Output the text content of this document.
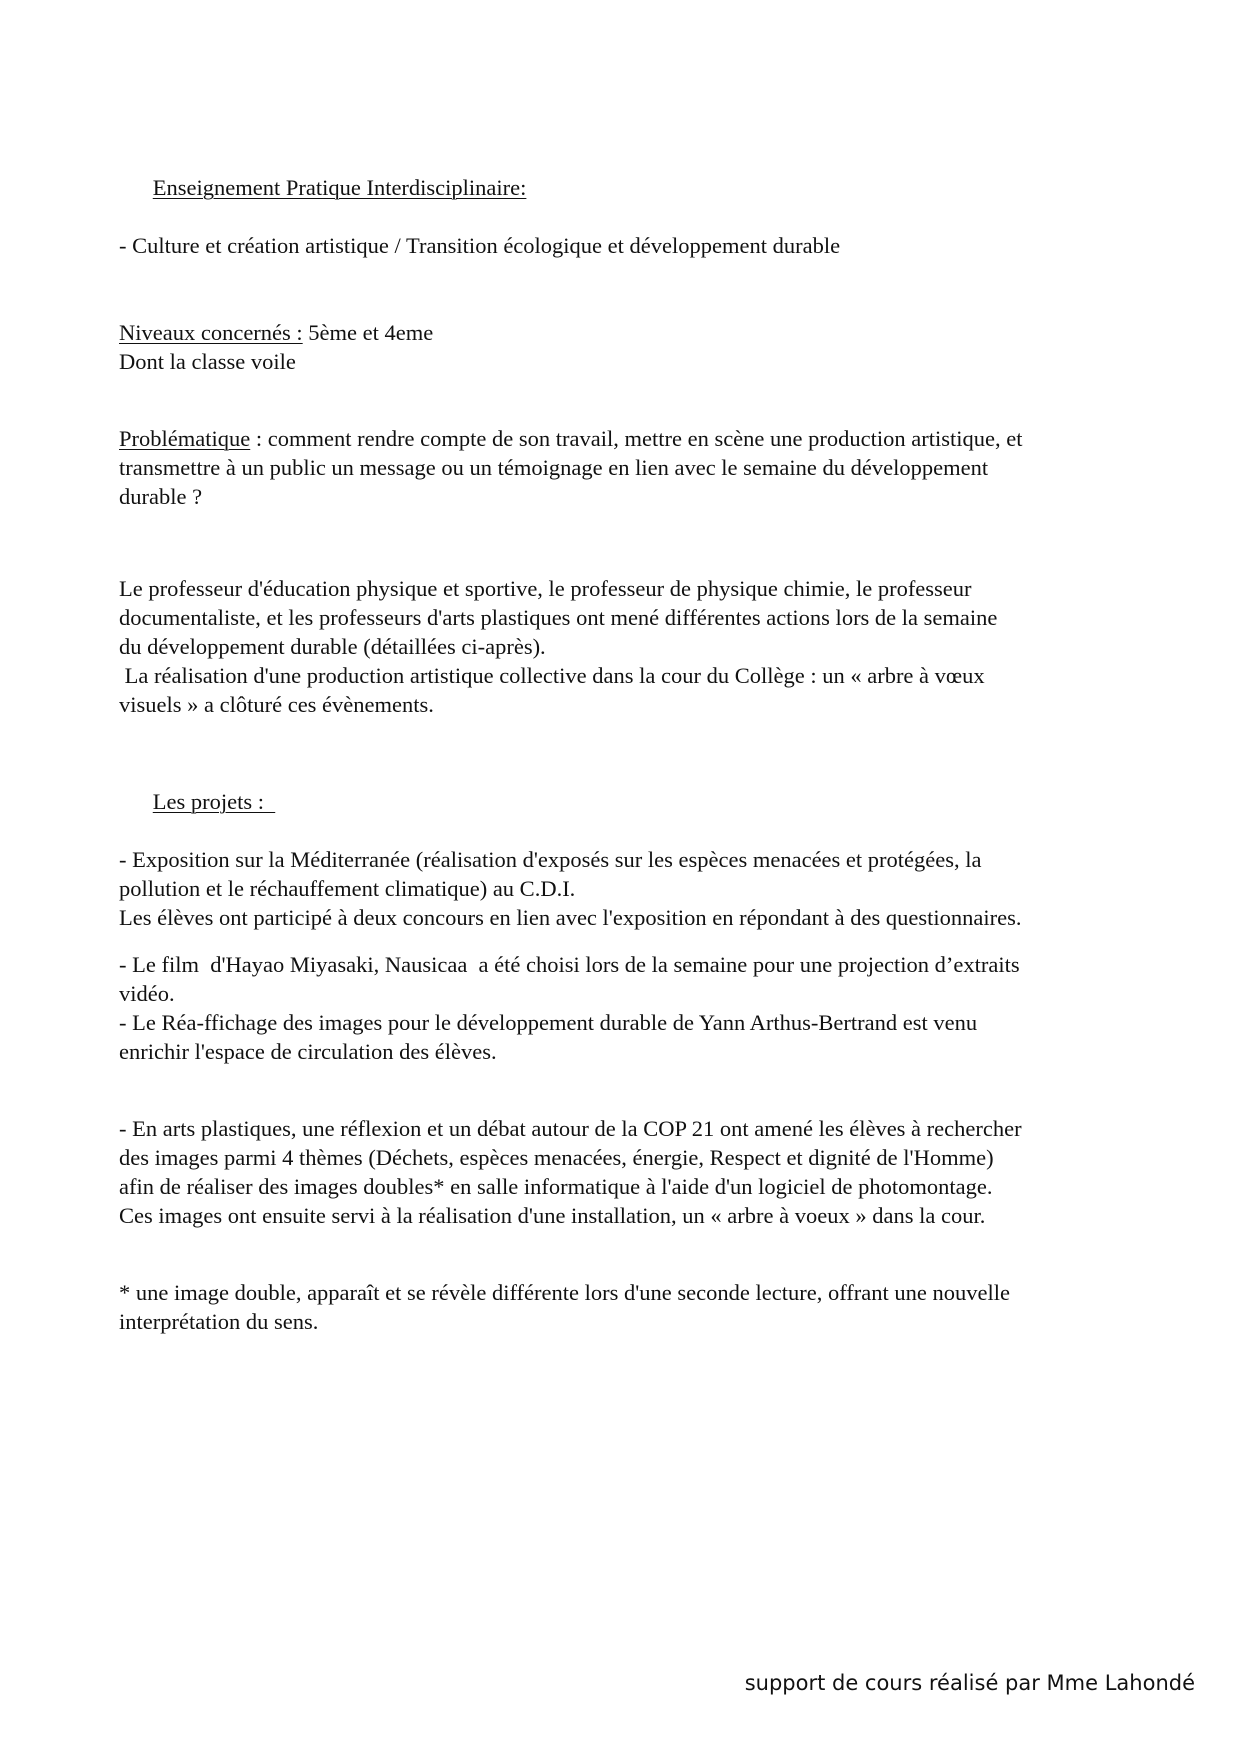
Enseignement Pratique Interdisciplinaire:

- Culture et création artistique / Transition écologique et développement durable
Niveaux concernés : 5ème et 4eme
Dont la classe voile
Problématique : comment rendre compte de son travail, mettre en scène une production artistique, et
transmettre à un public un message ou un témoignage en lien avec le semaine du développement
durable ?
Le professeur d'éducation physique et sportive, le professeur de physique chimie, le professeur
documentaliste, et les professeurs d'arts plastiques ont mené différentes actions lors de la semaine
du développement durable (détaillées ci-après).
La réalisation d'une production artistique collective dans la cour du Collège : un « arbre à vœux
visuels » a clôturé ces évènements.

Les projets :

- Exposition sur la Méditerranée (réalisation d'exposés sur les espèces menacées et protégées, la
pollution et le réchauffement climatique) au C.D.I.
Les élèves ont participé à deux concours en lien avec l'exposition en répondant à des questionnaires.
- Le film  d'Hayao Miyasaki, Nausicaa  a été choisi lors de la semaine pour une projection d’extraits
vidéo.
- Le Réa-ffichage des images pour le développement durable de Yann Arthus-Bertrand est venu
enrichir l'espace de circulation des élèves.
- En arts plastiques, une réflexion et un débat autour de la COP 21 ont amené les élèves à rechercher
des images parmi 4 thèmes (Déchets, espèces menacées, énergie, Respect et dignité de l'Homme)
afin de réaliser des images doubles* en salle informatique à l'aide d'un logiciel de photomontage.
Ces images ont ensuite servi à la réalisation d'une installation, un « arbre à voeux » dans la cour.
* une image double, apparaît et se révèle différente lors d'une seconde lecture, offrant une nouvelle
interprétation du sens.
support de cours réalisé par Mme Lahondé
